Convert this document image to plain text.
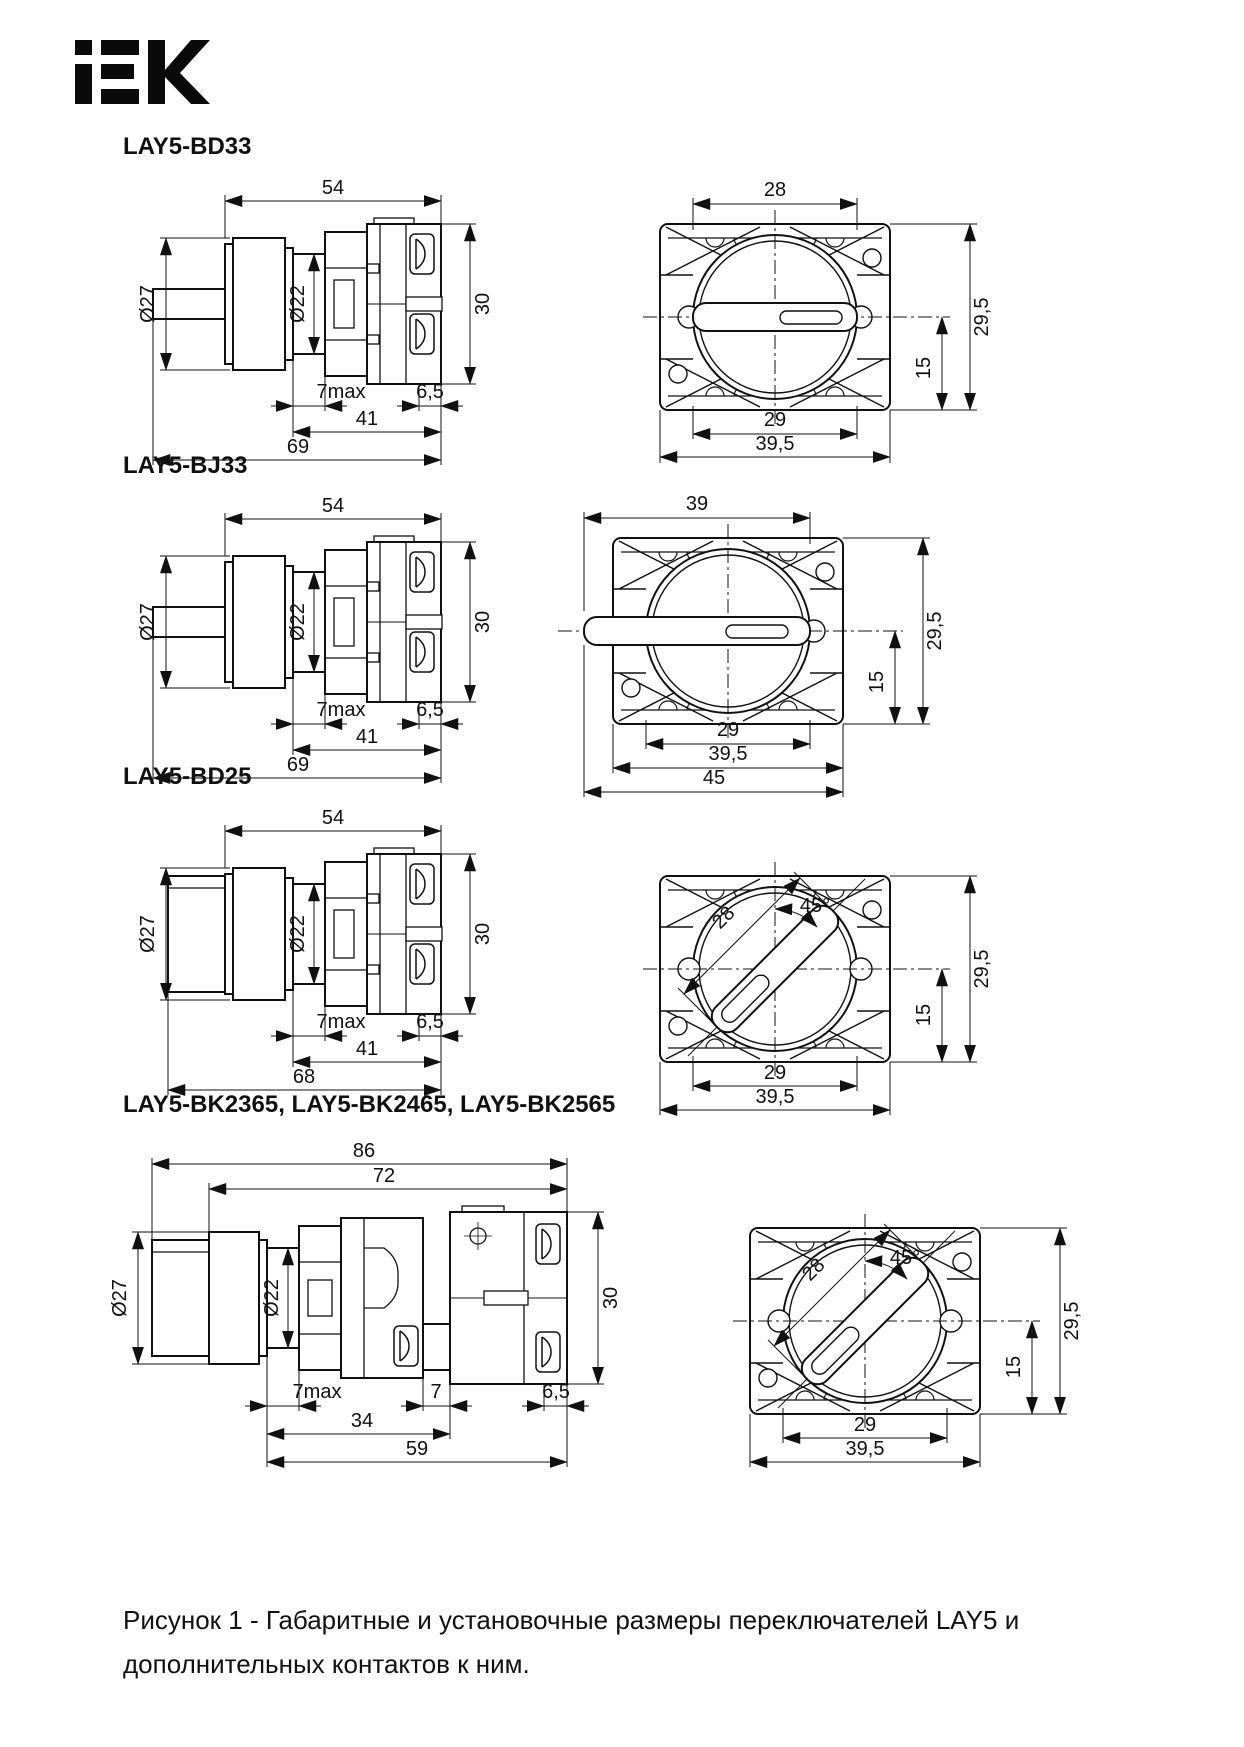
LAY5-BD33
54
Ø27	Ø22	30
7max	6,5
41
69
28
29,5
15
29
39,5
LAY5-BJ33
54
Ø27	Ø22	30
7max	6,5
41
69
39
29,5
15
29
39,5
45
LAY5-BD25
54
Ø27	Ø22	30
7max	6,5
41
68
28	45°
29,5
15
29
39,5
LAY5-BK2365, LAY5-BK2465, LAY5-BK2565
86
72
Ø27	Ø22	30
7max	7	6,5
34
59
28	45°
29,5
15
29
39,5
Рисунок 1 - Габаритные и установочные размеры переключателей LAY5 и дополнительных контактов к ним.
